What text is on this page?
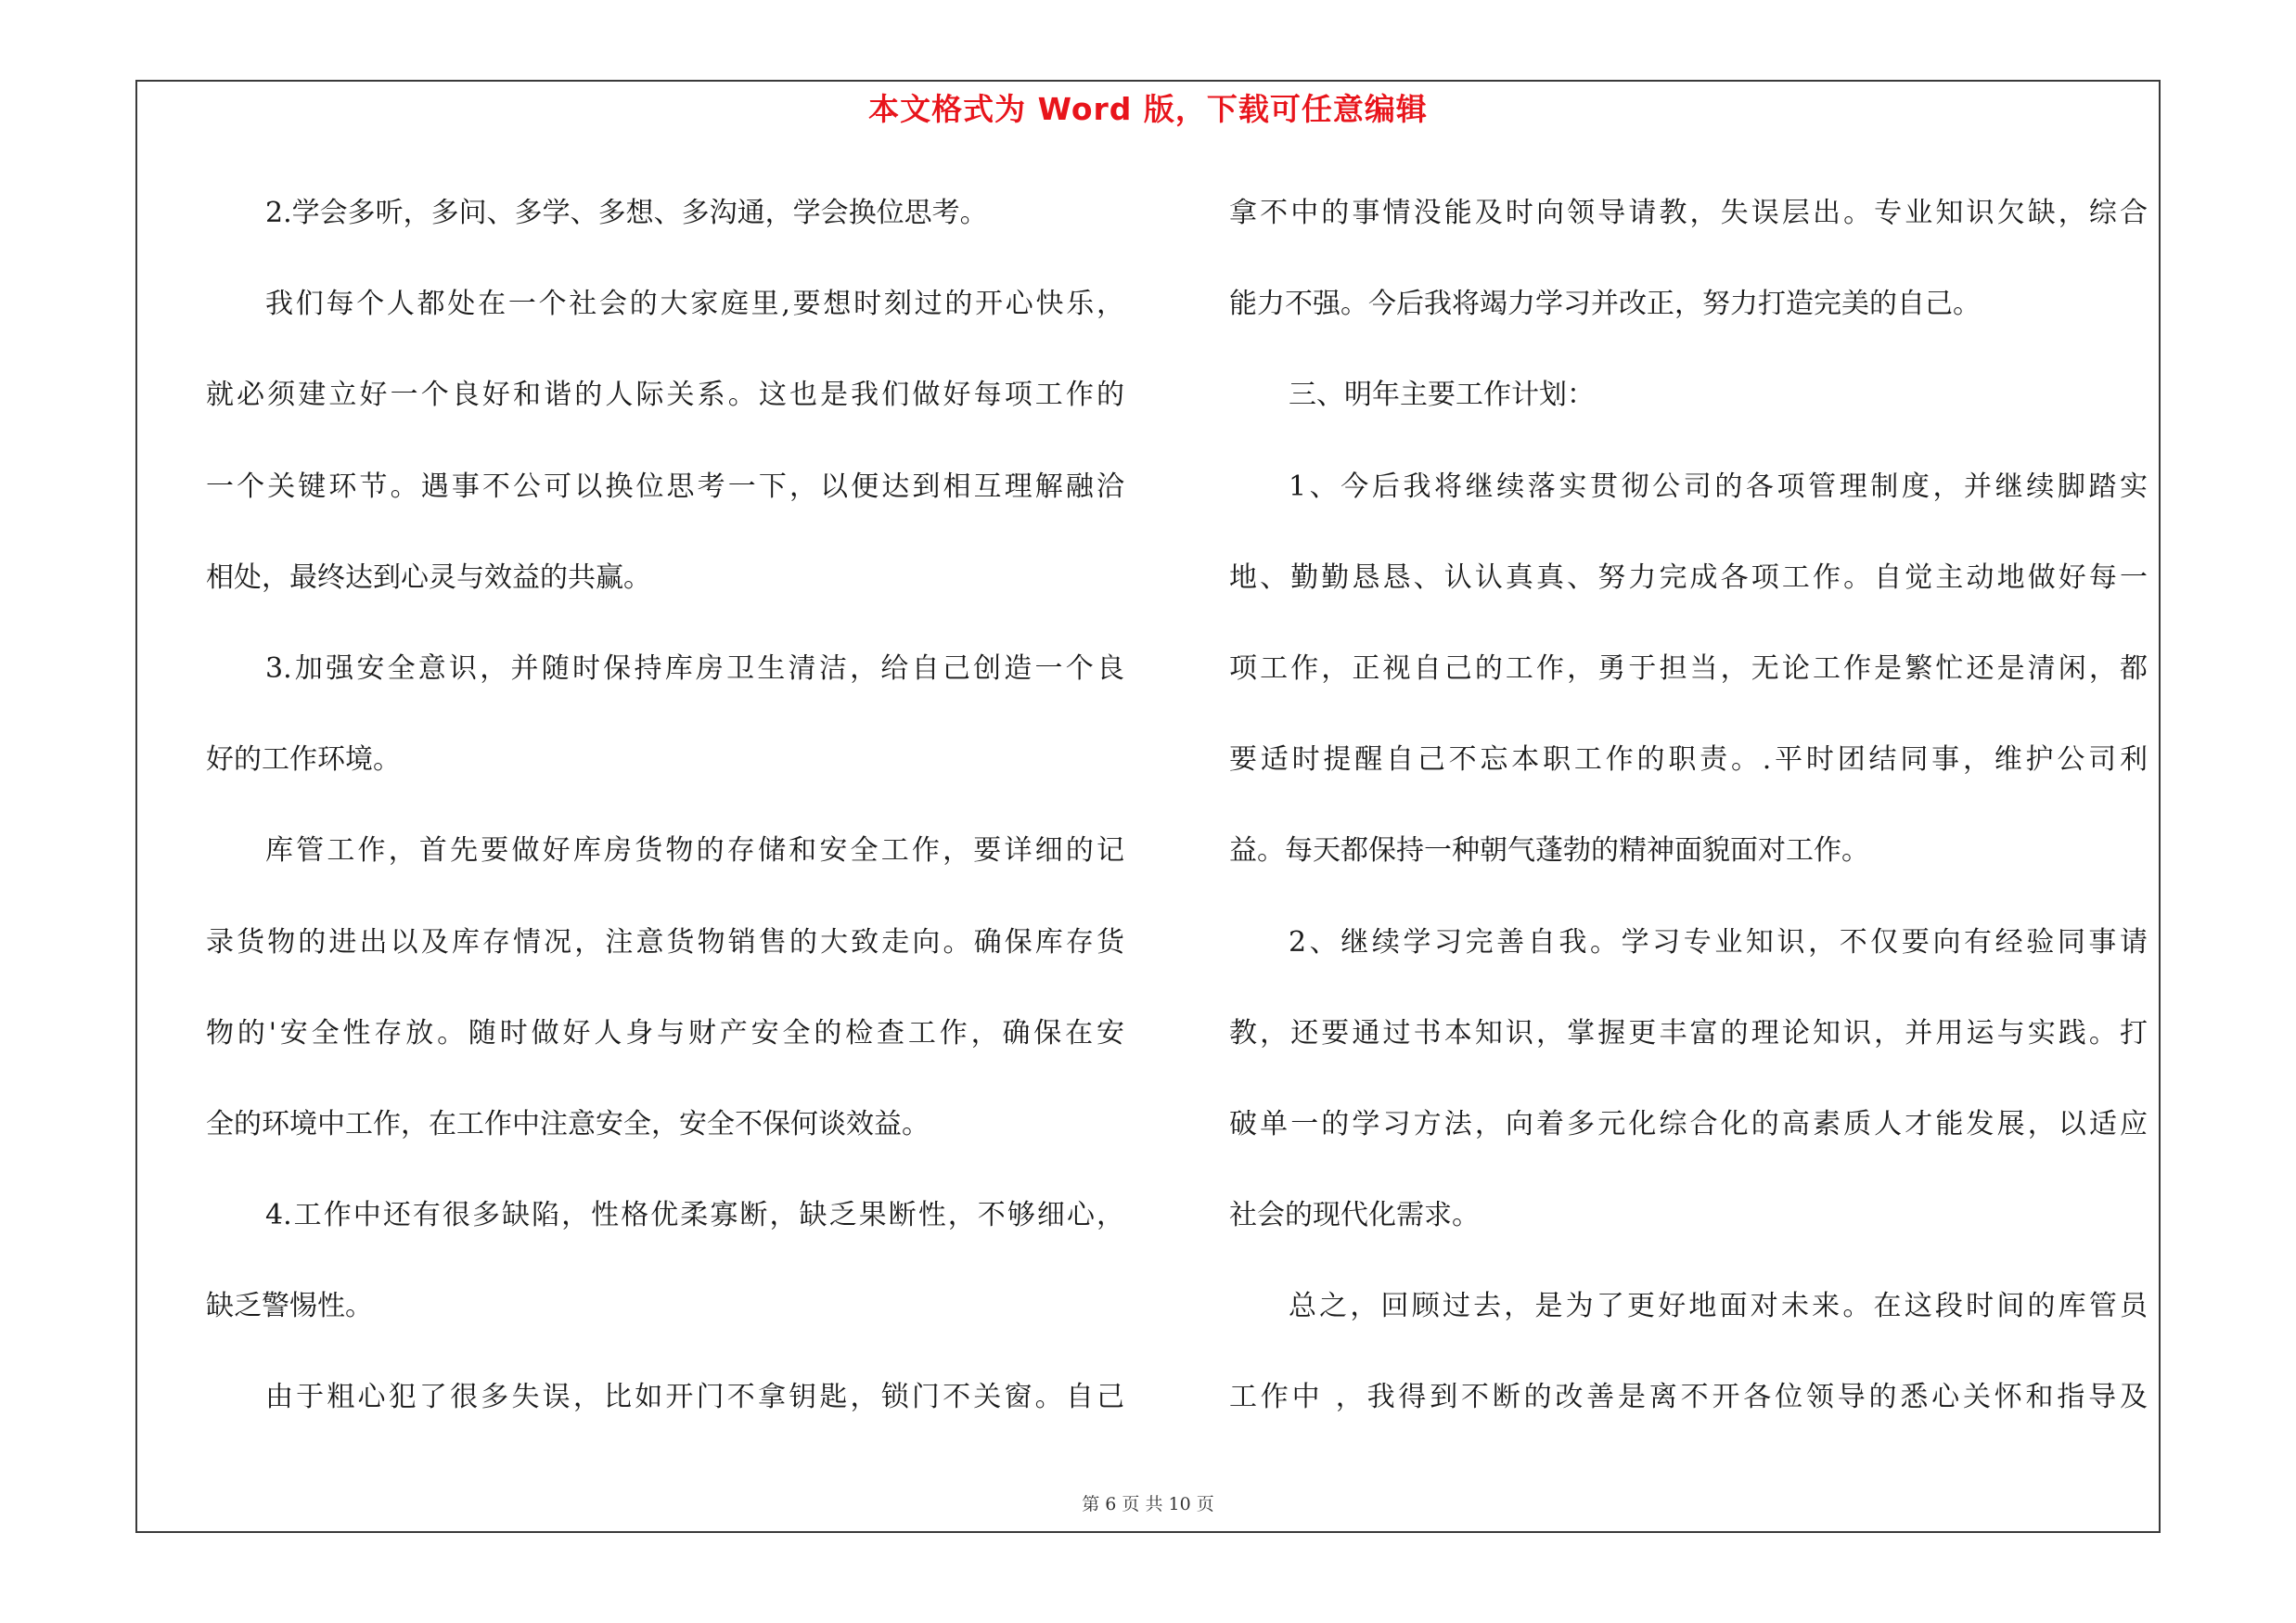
本文格式为 Word 版，下载可任意编辑
2.学会多听，多问、多学、多想、多沟通，学会换位思考。
我们每个人都处在一个社会的大家庭里,要想时刻过的开心快乐，
就必须建立好一个良好和谐的人际关系。这也是我们做好每项工作的
一个关键环节。遇事不公可以换位思考一下，以便达到相互理解融洽
相处，最终达到心灵与效益的共赢。
3.加强安全意识，并随时保持库房卫生清洁，给自己创造一个良
好的工作环境。
库管工作，首先要做好库房货物的存储和安全工作，要详细的记
录货物的进出以及库存情况，注意货物销售的大致走向。确保库存货
物的'安全性存放。随时做好人身与财产安全的检查工作，确保在安
全的环境中工作，在工作中注意安全，安全不保何谈效益。
4.工作中还有很多缺陷，性格优柔寡断，缺乏果断性，不够细心，
缺乏警惕性。
由于粗心犯了很多失误，比如开门不拿钥匙，锁门不关窗。自己
拿不中的事情没能及时向领导请教，失误层出。专业知识欠缺，综合
能力不强。今后我将竭力学习并改正，努力打造完美的自己。
三、明年主要工作计划：
1、今后我将继续落实贯彻公司的各项管理制度，并继续脚踏实
地、勤勤恳恳、认认真真、努力完成各项工作。自觉主动地做好每一
项工作，正视自己的工作，勇于担当，无论工作是繁忙还是清闲，都
要适时提醒自己不忘本职工作的职责。.平时团结同事，维护公司利
益。每天都保持一种朝气蓬勃的精神面貌面对工作。
2、继续学习完善自我。学习专业知识，不仅要向有经验同事请
教，还要通过书本知识，掌握更丰富的理论知识，并用运与实践。打
破单一的学习方法，向着多元化综合化的高素质人才能发展，以适应
社会的现代化需求。
总之，回顾过去，是为了更好地面对未来。在这段时间的库管员
工作中 ，我得到不断的改善是离不开各位领导的悉心关怀和指导及
第 6 页 共 10 页
